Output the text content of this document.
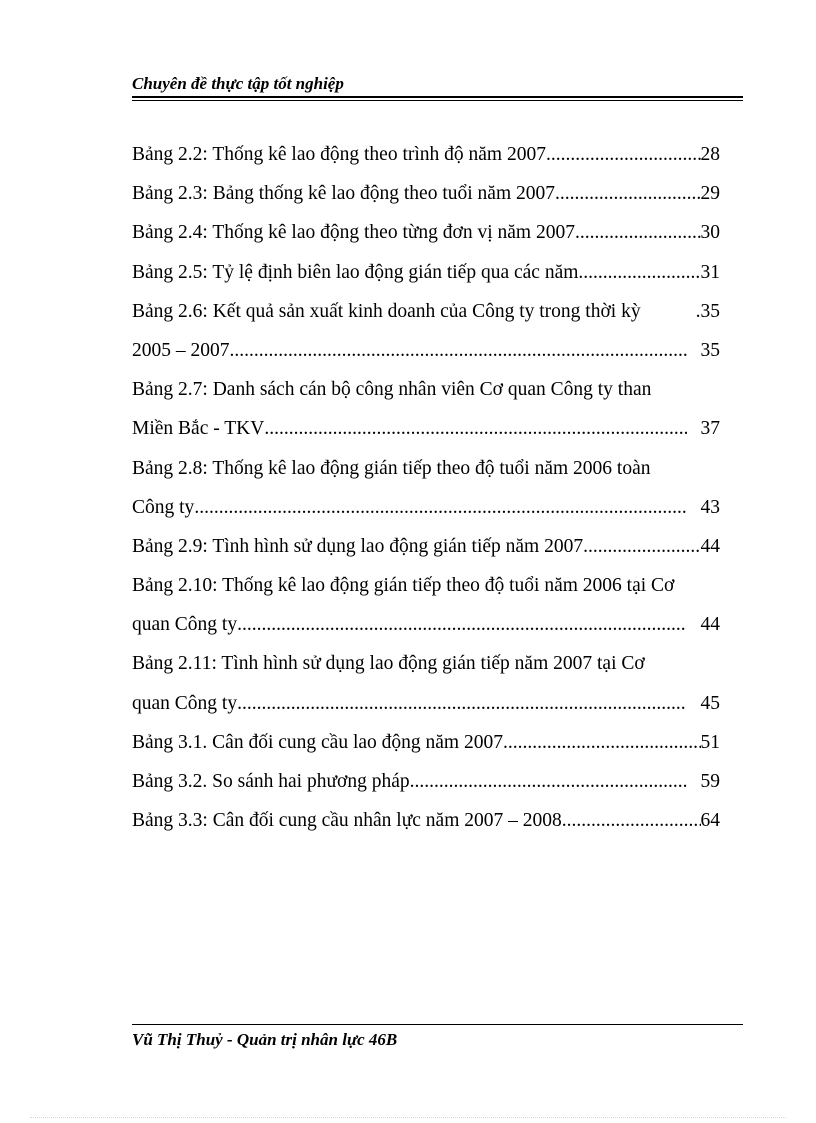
Chuyên đề thực tập tốt nghiệp
Bảng 2.2: Thống kê lao động theo trình độ năm 2007 .....	28
Bảng 2.3: Bảng thống kê lao động theo tuổi năm 2007 .....	29
Bảng 2.4: Thống kê lao động theo từng đơn vị năm 2007 .....	30
Bảng 2.5: Tỷ lệ định biên lao động gián tiếp qua các năm .....	31
Bảng 2.6: Kết quả sản xuất kinh doanh của Công ty trong thời kỳ	.35
2005 – 2007 .....	35
Bảng 2.7: Danh sách cán bộ công nhân viên Cơ quan Công ty than
Miền Bắc - TKV .....	37
Bảng 2.8: Thống kê lao động gián tiếp theo độ tuổi năm 2006 toàn
Công ty .....	43
Bảng 2.9: Tình hình sử dụng lao động gián tiếp năm 2007 .....	44
Bảng 2.10: Thống kê lao động gián tiếp theo độ tuổi năm 2006 tại Cơ
quan Công ty .....	44
Bảng 2.11: Tình hình sử dụng lao động gián tiếp năm 2007 tại Cơ
quan Công ty .....	45
Bảng 3.1. Cân đối cung cầu lao động năm 2007 .....	51
Bảng 3.2. So sánh hai phương pháp .....	59
Bảng 3.3: Cân đối cung cầu nhân lực năm 2007 – 2008 .....	64
Vũ Thị Thuỷ - Quản trị nhân lực 46B
